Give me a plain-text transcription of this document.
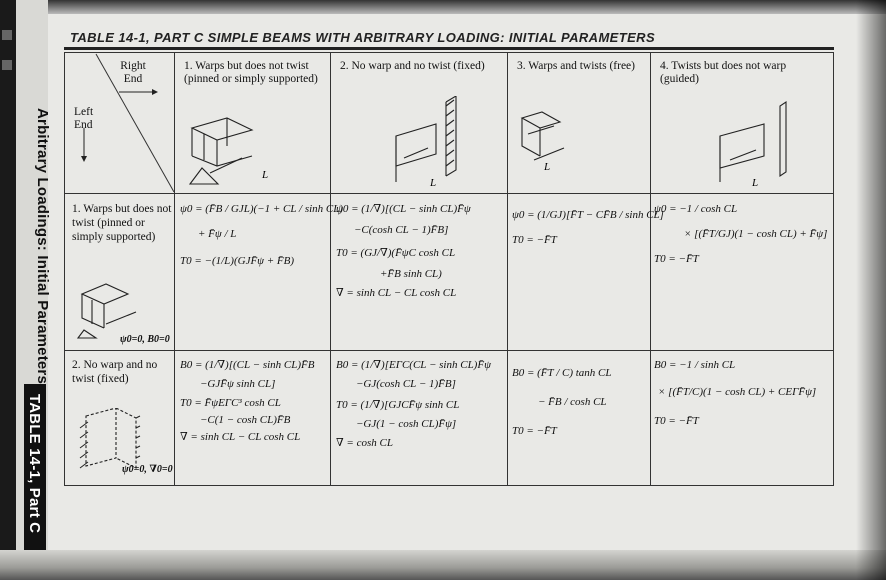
Arbitrary Loadings: Initial Parameters
TABLE 14-1, Part C
TABLE 14-1, PART C SIMPLE BEAMS WITH ARBITRARY LOADING: INITIAL PARAMETERS
Right End
Left End
1. Warps but does not twist (pinned or simply supported)
2. No warp and no twist (fixed)	3. Warps and twists (free)	4. Twists but does not warp (guided)
L
L
L
L
1. Warps but does not twist (pinned or simply supported)
ψ0=0, B0=0
2. No warp and no twist (fixed)
ψ0=0, ∇0=0
ψ0 = (F̄B / GJL)(−1 + CL / sinh CL)
+ F̄ψ / L
T0 = −(1/L)(GJF̄ψ + F̄B)
ψ0 = (1/∇)[(CL − sinh CL)F̄ψ
−C(cosh CL − 1)F̄B]
T0 = (GJ/∇)(F̄ψC cosh CL
+F̄B sinh CL)
∇ = sinh CL − CL cosh CL
ψ0 = (1/GJ)[F̄T − CF̄B / sinh CL]
T0 = −F̄T
ψ0 = −1 / cosh CL
× [(F̄T/GJ)(1 − cosh CL) + F̄ψ]
T0 = −F̄T
B0 = (1/∇)[(CL − sinh CL)F̄B
−GJF̄ψ sinh CL]
T0 = F̄ψEΓC³ cosh CL
−C(1 − cosh CL)F̄B
∇ = sinh CL − CL cosh CL
B0 = (1/∇)[EΓC(CL − sinh CL)F̄ψ
−GJ(cosh CL − 1)F̄B]
T0 = (1/∇)[GJCF̄ψ sinh CL
−GJ(1 − cosh CL)F̄ψ]
∇ = cosh CL
B0 = (F̄T / C) tanh CL
− F̄B / cosh CL
T0 = −F̄T
B0 = −1 / sinh CL
× [(F̄T/C)(1 − cosh CL) + CEΓF̄ψ]
T0 = −F̄T
